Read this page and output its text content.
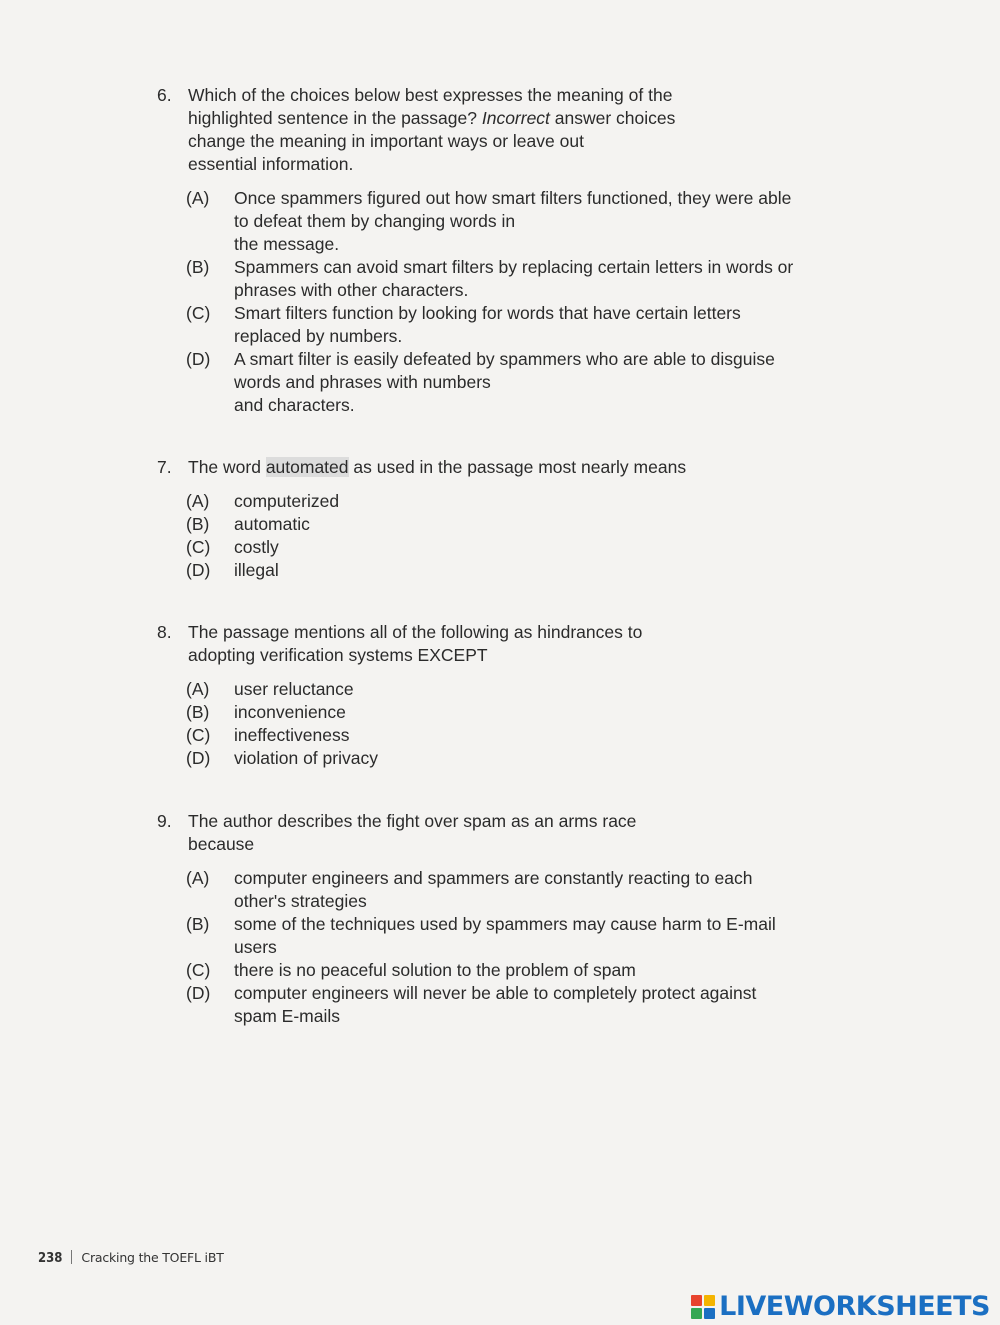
6. Which of the choices below best expresses the meaning of the
highlighted sentence in the passage? Incorrect answer choices
change the meaning in important ways or leave out
essential information.
(A) Once spammers figured out how smart filters functioned, they were able
to defeat them by changing words in
the message.
(B) Spammers can avoid smart filters by replacing certain letters in words or
phrases with other characters.
(C) Smart filters function by looking for words that have certain letters
replaced by numbers.
(D) A smart filter is easily defeated by spammers who are able to disguise
words and phrases with numbers
and characters.
7. The word automated as used in the passage most nearly means
(A) computerized
(B) automatic
(C) costly
(D) illegal
8. The passage mentions all of the following as hindrances to
adopting verification systems EXCEPT
(A) user reluctance
(B) inconvenience
(C) ineffectiveness
(D) violation of privacy
9. The author describes the fight over spam as an arms race
because
(A) computer engineers and spammers are constantly reacting to each
other's strategies
(B) some of the techniques used by spammers may cause harm to E-mail
users
(C) there is no peaceful solution to the problem of spam
(D) computer engineers will never be able to completely protect against
spam E-mails
238 Cracking the TOEFL iBT
LIVEWORKSHEETS
